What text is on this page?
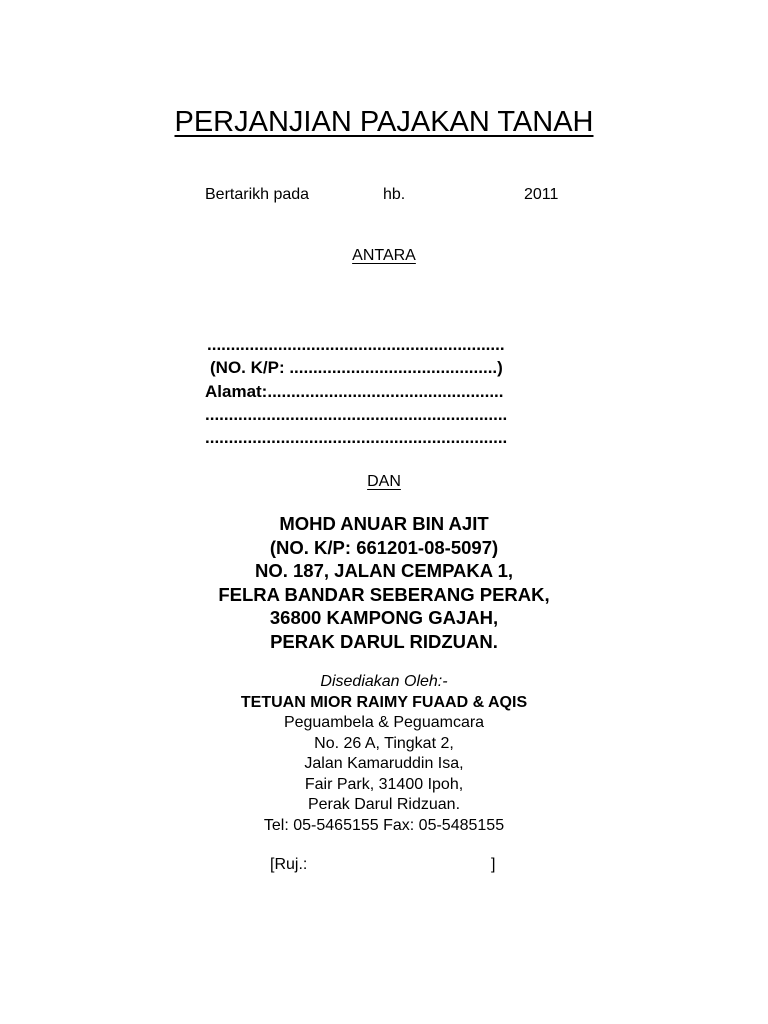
PERJANJIAN PAJAKAN TANAH
Bertarikh pada	hb.	2011
ANTARA
...............................................................
(NO. K/P: ............................................)
Alamat:..................................................
................................................................
................................................................
DAN
MOHD ANUAR BIN AJIT
(NO. K/P: 661201-08-5097)
NO. 187, JALAN CEMPAKA 1,
FELRA BANDAR SEBERANG PERAK,
36800 KAMPONG GAJAH,
PERAK DARUL RIDZUAN.
Disediakan Oleh:-
TETUAN MIOR RAIMY FUAAD & AQIS
Peguambela & Peguamcara
No. 26 A, Tingkat 2,
Jalan Kamaruddin Isa,
Fair Park, 31400 Ipoh,
Perak Darul Ridzuan.
Tel: 05-5465155 Fax: 05-5485155
[Ruj.:	]
